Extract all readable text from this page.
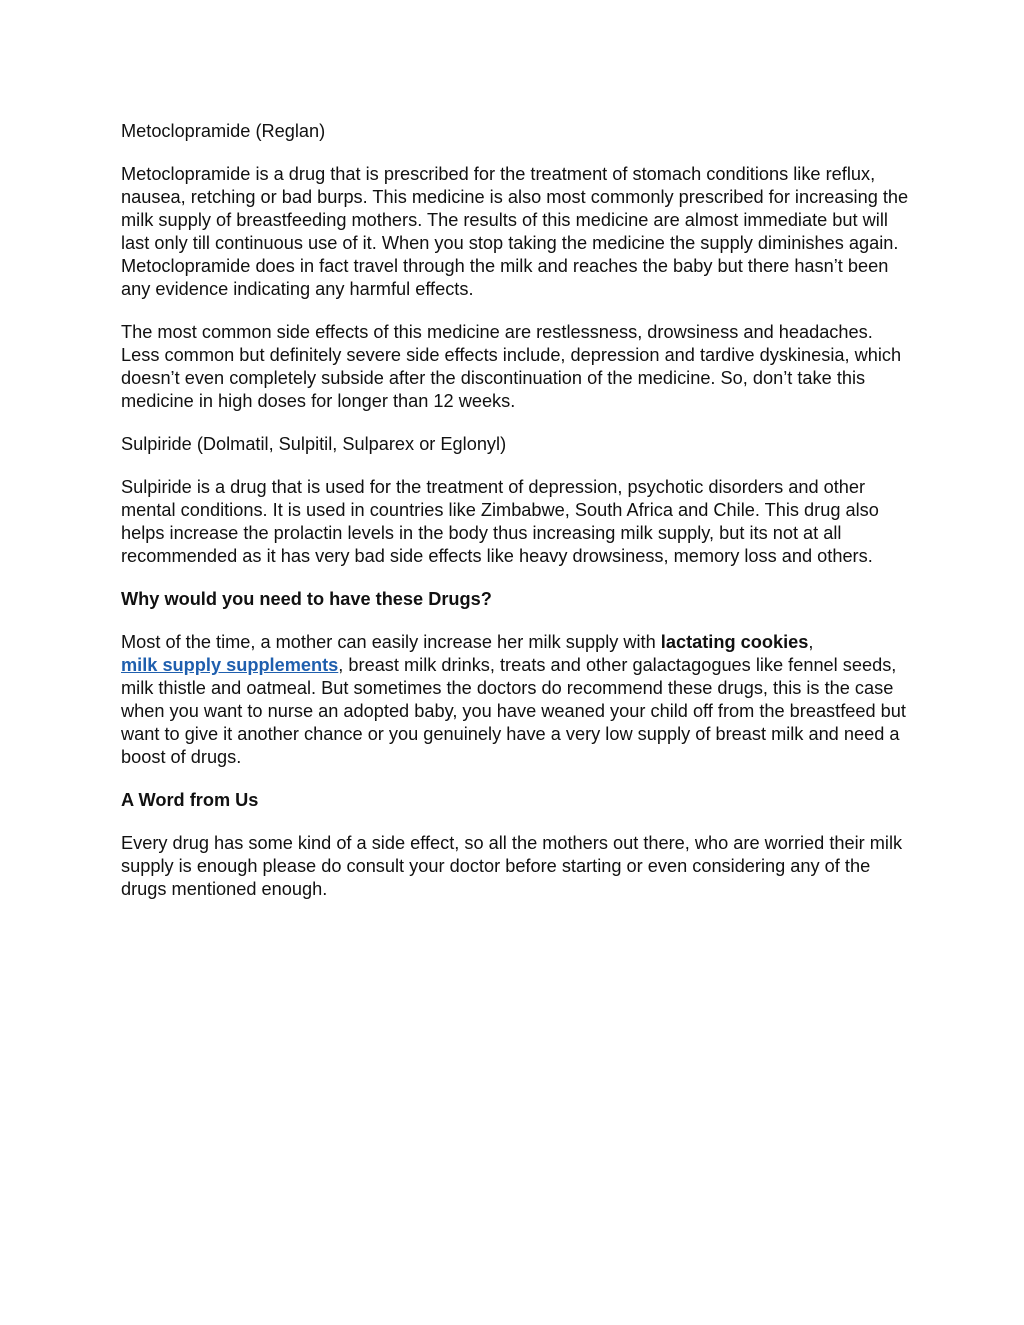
Metoclopramide (Reglan)

Metoclopramide is a drug that is prescribed for the treatment of stomach conditions like reflux, nausea, retching or bad burps. This medicine is also most commonly prescribed for increasing the milk supply of breastfeeding mothers. The results of this medicine are almost immediate but will last only till continuous use of it. When you stop taking the medicine the supply diminishes again. Metoclopramide does in fact travel through the milk and reaches the baby but there hasn’t been any evidence indicating any harmful effects.

The most common side effects of this medicine are restlessness, drowsiness and headaches. Less common but definitely severe side effects include, depression and tardive dyskinesia, which doesn’t even completely subside after the discontinuation of the medicine. So, don’t take this medicine in high doses for longer than 12 weeks.

Sulpiride (Dolmatil, Sulpitil, Sulparex or Eglonyl)

Sulpiride is a drug that is used for the treatment of depression, psychotic disorders and other mental conditions. It is used in countries like Zimbabwe, South Africa and Chile. This drug also helps increase the prolactin levels in the body thus increasing milk supply, but its not at all recommended as it has very bad side effects like heavy drowsiness, memory loss and others.

Why would you need to have these Drugs?

Most of the time, a mother can easily increase her milk supply with lactating cookies,
milk supply supplements, breast milk drinks, treats and other galactagogues like fennel seeds, milk thistle and oatmeal. But sometimes the doctors do recommend these drugs, this is the case when you want to nurse an adopted baby, you have weaned your child off from the breastfeed but want to give it another chance or you genuinely have a very low supply of breast milk and need a boost of drugs.

A Word from Us

Every drug has some kind of a side effect, so all the mothers out there, who are worried their milk supply is enough please do consult your doctor before starting or even considering any of the drugs mentioned enough.
